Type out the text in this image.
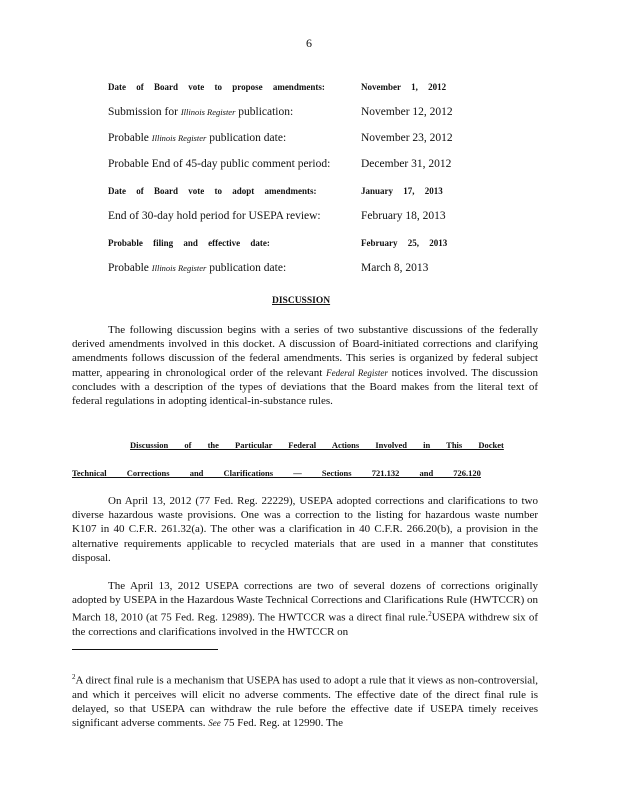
6
Date of Board vote to propose amendments:	November 1, 2012
Submission for Illinois Register publication:	November 12, 2012
Probable Illinois Register publication date:	November 23, 2012
Probable End of 45-day public comment period:	December 31, 2012
Date of Board vote to adopt amendments:	January 17, 2013
End of 30-day hold period for USEPA review:	February 18, 2013
Probable filing and effective date:	February 25, 2013
Probable Illinois Register publication date:	March 8, 2013
DISCUSSION
The following discussion begins with a series of two substantive discussions of the federally derived amendments involved in this docket. A discussion of Board-initiated corrections and clarifying amendments follows discussion of the federal amendments. This series is organized by federal subject matter, appearing in chronological order of the relevant Federal Register notices involved. The discussion concludes with a description of the types of deviations that the Board makes from the literal text of federal regulations in adopting identical-in-substance rules.
Discussion of the Particular Federal Actions Involved in This Docket
Technical Corrections and Clarifications — Sections 721.132 and 726.120
On April 13, 2012 (77 Fed. Reg. 22229), USEPA adopted corrections and clarifications to two diverse hazardous waste provisions. One was a correction to the listing for hazardous waste number K107 in 40 C.F.R. 261.32(a). The other was a clarification in 40 C.F.R. 266.20(b), a provision in the alternative requirements applicable to recycled materials that are used in a manner that constitutes disposal.
The April 13, 2012 USEPA corrections are two of several dozens of corrections originally adopted by USEPA in the Hazardous Waste Technical Corrections and Clarifications Rule (HWTCCR) on March 18, 2010 (at 75 Fed. Reg. 12989). The HWTCCR was a direct final rule.$^2$USEPA withdrew six of the corrections and clarifications involved in the HWTCCR on
$^2$A direct final rule is a mechanism that USEPA has used to adopt a rule that it views as non-controversial, and which it perceives will elicit no adverse comments. The effective date of the direct final rule is delayed, so that USEPA can withdraw the rule before the effective date if USEPA timely receives significant adverse comments. See 75 Fed. Reg. at 12990. The
